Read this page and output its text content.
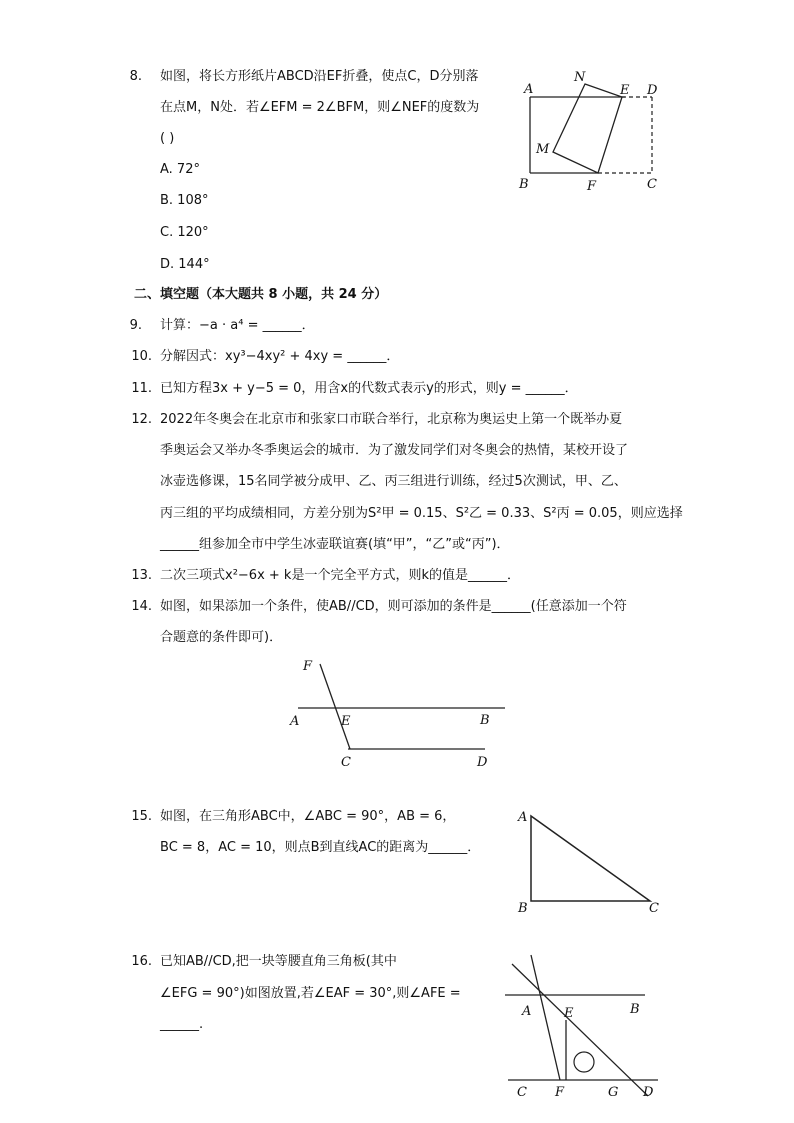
8. 如图，将长方形纸片ABCD沿EF折叠，使点C，D分别落
在点M，N处．若∠EFM = 2∠BFM，则∠NEF的度数为
( )
A. 72°
B. 108°
C. 120°
D. 144°
A
N
E D
M
B	F	C
二、填空题（本大题共 8 小题，共 24 分）
9. 计算：−a · a⁴ = ______．
10. 分解因式：xy³−4xy² + 4xy = ______．
11. 已知方程3x + y−5 = 0，用含x的代数式表示y的形式，则y = ______．
12. 2022年冬奥会在北京市和张家口市联合举行，北京称为奥运史上第一个既举办夏
季奥运会又举办冬季奥运会的城市．为了激发同学们对冬奥会的热情，某校开设了
冰壶选修课，15名同学被分成甲、乙、丙三组进行训练，经过5次测试，甲、乙、
丙三组的平均成绩相同，方差分别为S²甲 = 0.15、S²乙 = 0.33、S²丙 = 0.05，则应选择
______组参加全市中学生冰壶联谊赛(填“甲”，“乙”或“丙”)．
13. 二次三项式x²−6x + k是一个完全平方式，则k的值是______．
14. 如图，如果添加一个条件，使AB//CD，则可添加的条件是______(任意添加一个符
合题意的条件即可)．
F
A	E	B
C	D
15. 如图，在三角形ABC中，∠ABC = 90°，AB = 6，
BC = 8，AC = 10，则点B到直线AC的距离为______．
A
B	C
16. 已知AB//CD,把一块等腰直角三角板(其中
∠EFG = 90°)如图放置,若∠EAF = 30°,则∠AFE =
______.
A	E	B
C F	G D
